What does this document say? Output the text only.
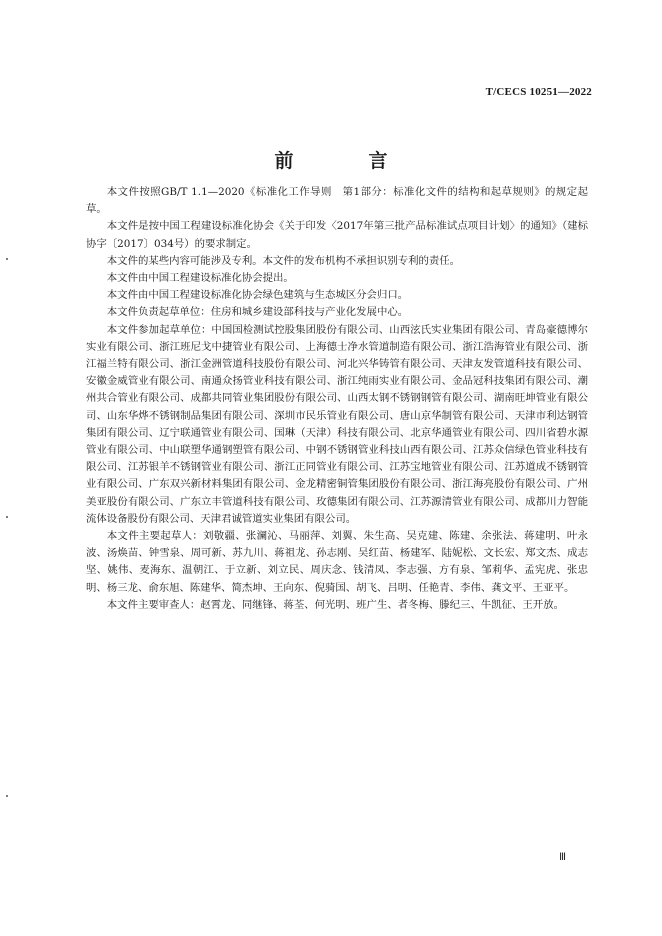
T/CECS 10251—2022
前　言

本文件按照GB/T 1.1—2020《标准化工作导则　第1部分：标准化文件的结构和起草规则》的规定起草。

本文件是按中国工程建设标准化协会《关于印发〈2017年第三批产品标准试点项目计划〉的通知》（建标协字〔2017〕034号）的要求制定。

本文件的某些内容可能涉及专利。本文件的发布机构不承担识别专利的责任。

本文件由中国工程建设标准化协会提出。

本文件由中国工程建设标准化协会绿色建筑与生态城区分会归口。

本文件负责起草单位：住房和城乡建设部科技与产业化发展中心。

本文件参加起草单位：中国国检测试控股集团股份有限公司、山西泫氏实业集团有限公司、青岛豪德博尔实业有限公司、浙江班尼戈中捷管业有限公司、上海德士净水管道制造有限公司、浙江浩海管业有限公司、浙江福兰特有限公司、浙江金洲管道科技股份有限公司、河北兴华铸管有限公司、天津友发管道科技有限公司、安徽金威管业有限公司、南通众扬管业科技有限公司、浙江纯雨实业有限公司、金品冠科技集团有限公司、潮州共合管业有限公司、成都共同管业集团股份有限公司、山西太钢不锈钢钢管有限公司、湖南旺坤管业有限公司、山东华烨不锈钢制品集团有限公司、深圳市民乐管业有限公司、唐山京华制管有限公司、天津市利达钢管集团有限公司、辽宁联通管业有限公司、国琳（天津）科技有限公司、北京华通管业有限公司、四川省碧水源管业有限公司、中山联塑华通钢塑管有限公司、中钢不锈钢管业科技山西有限公司、江苏众信绿色管业科技有限公司、江苏银羊不锈钢管业有限公司、浙江正同管业有限公司、江苏宝地管业有限公司、江苏道成不锈钢管业有限公司、广东双兴新材料集团有限公司、金龙精密铜管集团股份有限公司、浙江海亮股份有限公司、广州美亚股份有限公司、广东立丰管道科技有限公司、玫德集团有限公司、江苏源清管业有限公司、成都川力智能流体设备股份有限公司、天津君诚管道实业集团有限公司。

本文件主要起草人：刘敬疆、张澜沁、马丽萍、刘翼、朱生高、吴克建、陈建、余张法、蒋建明、叶永波、汤焕苗、钟雪泉、周可新、苏九川、蒋祖龙、孙志刚、吴红苗、杨建军、陆妮松、文长宏、郑文杰、成志坚、姚伟、麦海东、温朝江、于立新、刘立民、周庆念、钱清凤、李志强、方有泉、邹莉华、孟宪虎、张忠明、杨三龙、俞东旭、陈建华、简杰坤、王向东、倪骑国、胡飞、吕明、任艳青、李伟、龚文平、王亚平。

本文件主要审查人：赵霄龙、同继锋、蒋荃、何光明、班广生、者冬梅、滕纪三、牛凯征、王开放。

Ⅲ
